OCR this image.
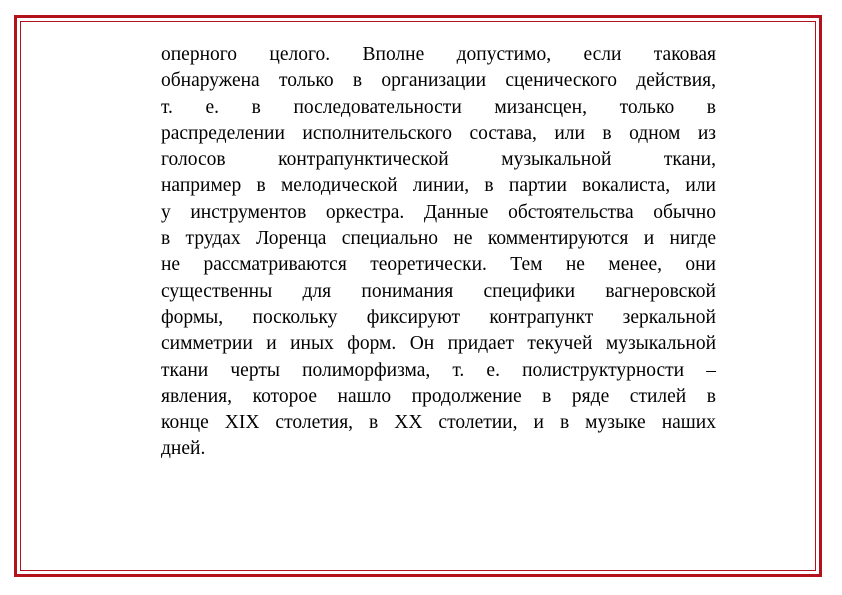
оперного целого. Вполне допустимо, если таковая
обнаружена только в организации сценического действия,
т. е. в последовательности мизансцен, только в
распределении исполнительского состава, или в одном из
голосов контрапунктической музыкальной ткани,
например в мелодической линии, в партии вокалиста, или
у инструментов оркестра. Данные обстоятельства обычно
в трудах Лоренца специально не комментируются и нигде
не рассматриваются теоретически. Тем не менее, они
существенны для понимания специфики вагнеровской
формы, поскольку фиксируют контрапункт зеркальной
симметрии и иных форм. Он придает текучей музыкальной
ткани черты полиморфизма, т. е. полиструктурности –
явления, которое нашло продолжение в ряде стилей в
конце XIX столетия, в XX столетии, и в музыке наших
дней.
